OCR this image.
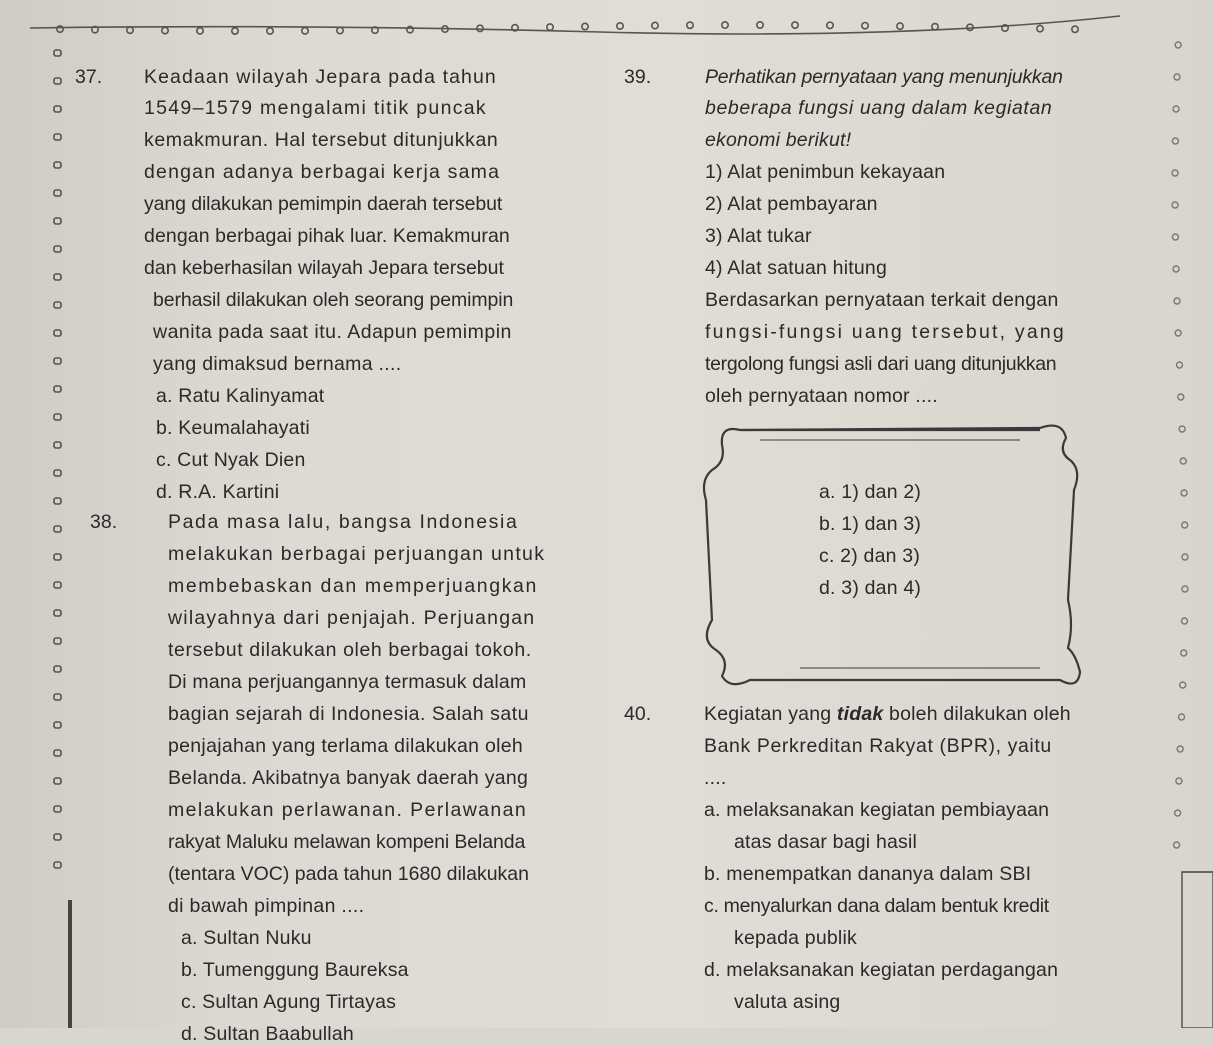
37. Keadaan wilayah Jepara pada tahun
1549–1579 mengalami titik puncak
kemakmuran. Hal tersebut ditunjukkan
dengan adanya berbagai kerja sama
yang dilakukan pemimpin daerah tersebut
dengan berbagai pihak luar. Kemakmuran
dan keberhasilan wilayah Jepara tersebut
berhasil dilakukan oleh seorang pemimpin
wanita pada saat itu. Adapun pemimpin
yang dimaksud bernama ....
a. Ratu Kalinyamat
b. Keumalahayati
c. Cut Nyak Dien
d. R.A. Kartini
38.	Pada masa lalu, bangsa Indonesia
melakukan berbagai perjuangan untuk
membebaskan dan memperjuangkan
wilayahnya dari penjajah. Perjuangan
tersebut dilakukan oleh berbagai tokoh.
Di mana perjuangannya termasuk dalam
bagian sejarah di Indonesia. Salah satu
penjajahan yang terlama dilakukan oleh
Belanda. Akibatnya banyak daerah yang
melakukan perlawanan. Perlawanan
rakyat Maluku melawan kompeni Belanda
(tentara VOC) pada tahun 1680 dilakukan
di bawah pimpinan ....
a. Sultan Nuku
b. Tumenggung Baureksa
c. Sultan Agung Tirtayas
d. Sultan Baabullah
39.	Perhatikan pernyataan yang menunjukkan
beberapa fungsi uang dalam kegiatan
ekonomi berikut!
1) Alat penimbun kekayaan
2) Alat pembayaran
3) Alat tukar
4) Alat satuan hitung
Berdasarkan pernyataan terkait dengan
fungsi-fungsi uang tersebut, yang
tergolong fungsi asli dari uang ditunjukkan
oleh pernyataan nomor ....
a. 1) dan 2)
b. 1) dan 3)
c. 2) dan 3)
d. 3) dan 4)
40.	Kegiatan yang tidak boleh dilakukan oleh
Bank Perkreditan Rakyat (BPR), yaitu
....
a. melaksanakan kegiatan pembiayaan
atas dasar bagi hasil
b. menempatkan dananya dalam SBI
c. menyalurkan dana dalam bentuk kredit
kepada publik
d. melaksanakan kegiatan perdagangan
valuta asing
